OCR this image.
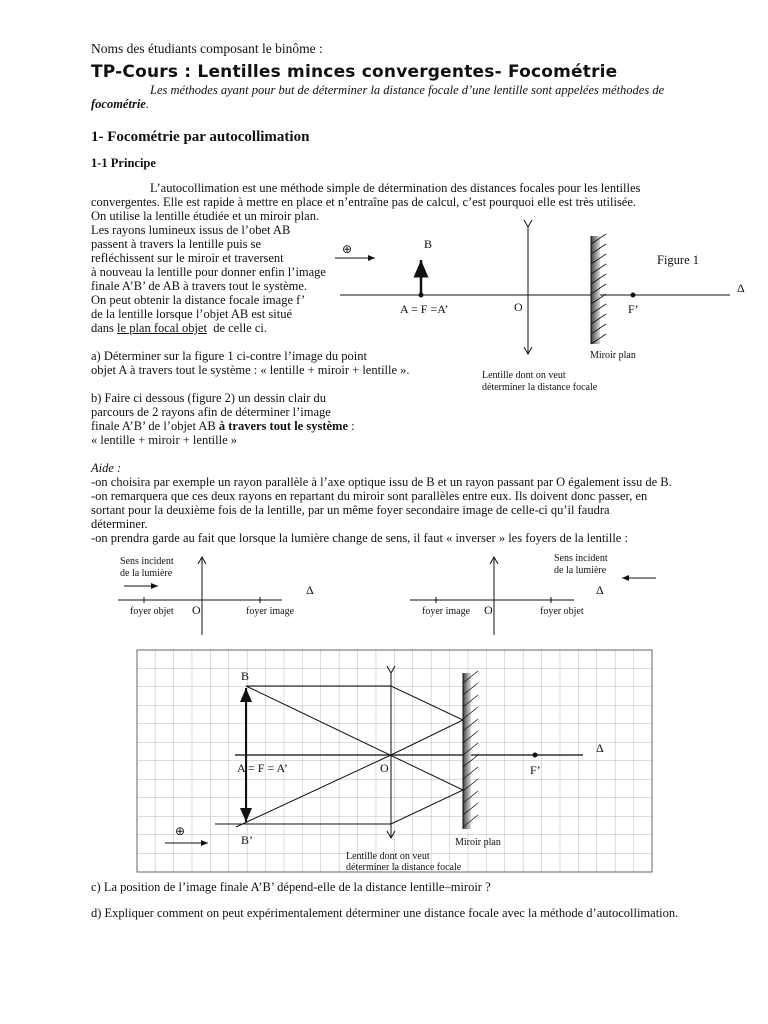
Noms des étudiants composant le binôme :
TP-Cours : Lentilles minces convergentes- Focométrie
Les méthodes ayant pour but de déterminer la distance focale d’une lentille sont appelées méthodes de
focométrie.
1- Focométrie par autocollimation
1-1 Principe
L’autocollimation est une méthode simple de détermination des distances focales pour les lentilles
convergentes. Elle est rapide à mettre en place et n’entraîne pas de calcul, c’est pourquoi elle est très utilisée.
On utilise la lentille étudiée et un miroir plan.
Les rayons lumineux issus de l’obet AB
passent à travers la lentille puis se
refléchissent sur le miroir et traversent
à nouveau la lentille pour donner enfin l’image
finale A’B’ de AB à travers tout le système.
On peut obtenir la distance focale image f’
de la lentille lorsque l’objet AB est situé
dans le plan focal objet  de celle ci.
a) Déterminer sur la figure 1 ci-contre l’image du point
objet A à travers tout le système : « lentille + miroir + lentille ».
b) Faire ci dessous (figure 2) un dessin clair du
parcours de 2 rayons afin de déterminer l’image
finale A’B’ de l’objet AB à travers tout le système :
« lentille + miroir + lentille »
Aide :
-on choisira par exemple un rayon parallèle à l’axe optique issu de B et un rayon passant par O également issu de B.
-on remarquera que ces deux rayons en repartant du miroir sont parallèles entre eux. Ils doivent donc passer, en
sortant pour la deuxième fois de la lentille, par un même foyer secondaire image de celle-ci qu’il faudra
déterminer.
-on prendra garde au fait que lorsque la lumière change de sens, il faut « inverser » les foyers de la lentille :
c) La position de l’image finale A’B’ dépend-elle de la distance lentille–miroir ?
d) Expliquer comment on peut expérimentalement déterminer une distance focale avec la méthode d’autocollimation.
⊕
Δ
B
A = F =A’	O	F’
Figure 1
Miroir plan
Lentille dont on veut
déterminer la distance focale
Sens incident
de la lumière
Δ
foyer objet O	foyer image
Sens incident
de la lumière
Δ
foyer image O	foyer objet
Δ
B
A = F = A’	O	F’
B’
⊕
Miroir plan
Lentille dont on veut
déterminer la distance focale
